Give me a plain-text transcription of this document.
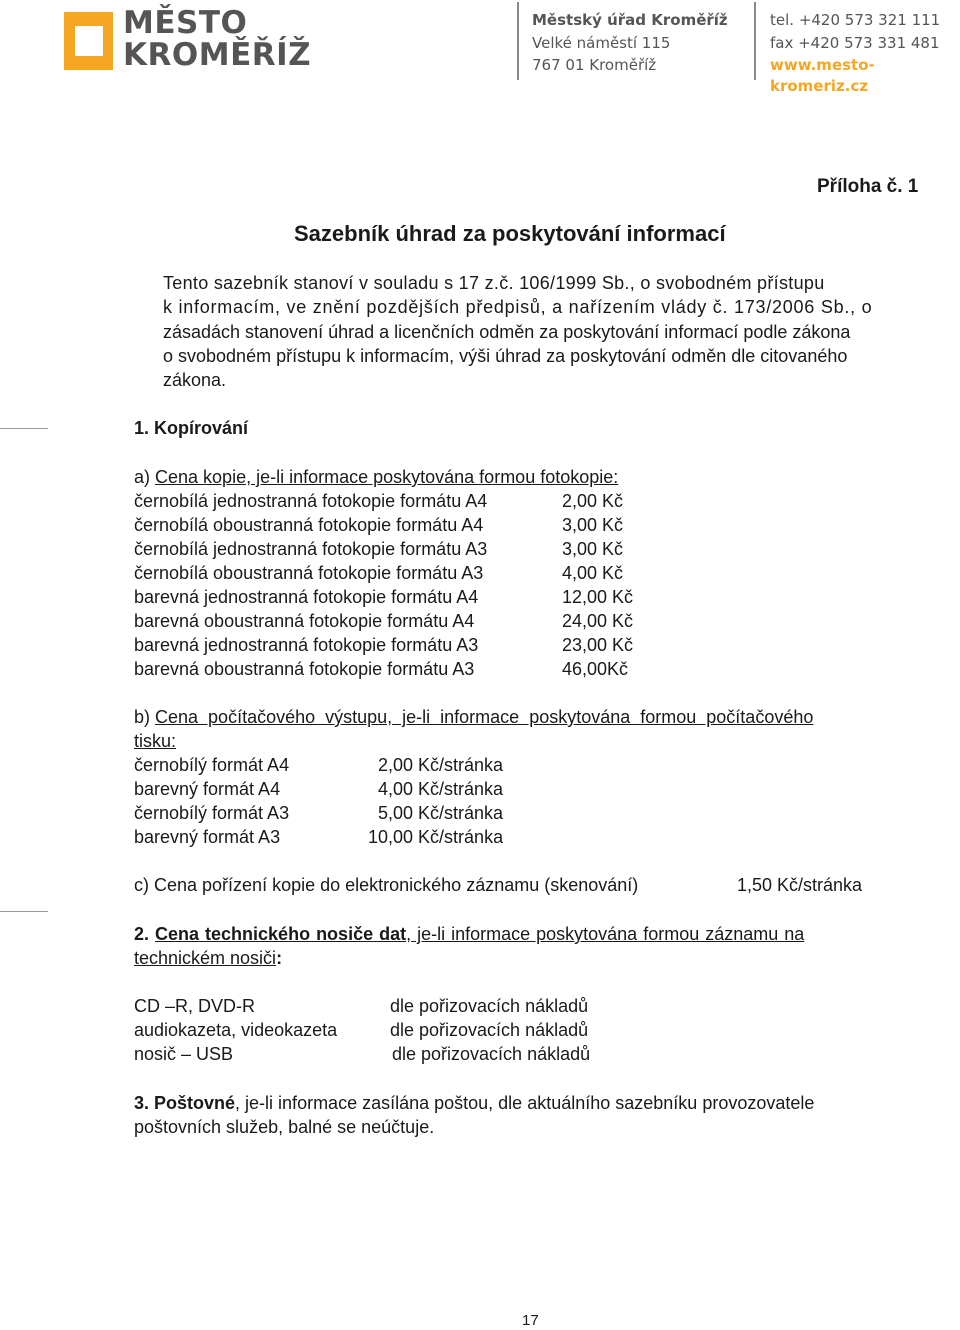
MĚSTO
KROMĚŘÍŽ
Městský úřad Kroměříž
Velké náměstí 115
767 01 Kroměříž
tel. +420 573 321 111
fax +420 573 331 481
www.mesto-kromeriz.cz
Příloha č. 1
Sazebník úhrad za poskytování informací
Tento sazebník stanoví v souladu s 17 z.č. 106/1999 Sb., o svobodném přístupu
k informacím, ve znění pozdějších předpisů, a nařízením vlády č. 173/2006 Sb., o
zásadách stanovení úhrad a licenčních odměn za poskytování informací podle zákona
o svobodném přístupu k informacím, výši úhrad za poskytování odměn dle citovaného
zákona.
1. Kopírování
a) Cena kopie, je-li informace poskytována formou fotokopie:
černobílá jednostranná fotokopie formátu A4	2,00 Kč
černobílá oboustranná fotokopie formátu A4	3,00 Kč
černobílá jednostranná fotokopie formátu A3	3,00 Kč
černobílá oboustranná fotokopie formátu A3	4,00 Kč
barevná jednostranná fotokopie formátu A4	12,00 Kč
barevná oboustranná fotokopie formátu A4	24,00 Kč
barevná jednostranná fotokopie formátu A3	23,00 Kč
barevná oboustranná fotokopie formátu A3	46,00Kč
b) Cena počítačového výstupu, je-li informace poskytována formou počítačového
tisku:
černobílý formát A4	2,00 Kč/stránka
barevný formát A4	4,00 Kč/stránka
černobílý formát A3	5,00 Kč/stránka
barevný formát A3	10,00 Kč/stránka
c) Cena pořízení kopie do elektronického záznamu (skenování)	1,50 Kč/stránka
2. Cena technického nosiče dat, je-li informace poskytována formou záznamu na
technickém nosiči:
CD –R, DVD-R	dle pořizovacích nákladů
audiokazeta, videokazeta	dle pořizovacích nákladů
nosič – USB	dle pořizovacích nákladů
3. Poštovné, je-li informace zasílána poštou, dle aktuálního sazebníku provozovatele
poštovních služeb, balné se neúčtuje.
17
